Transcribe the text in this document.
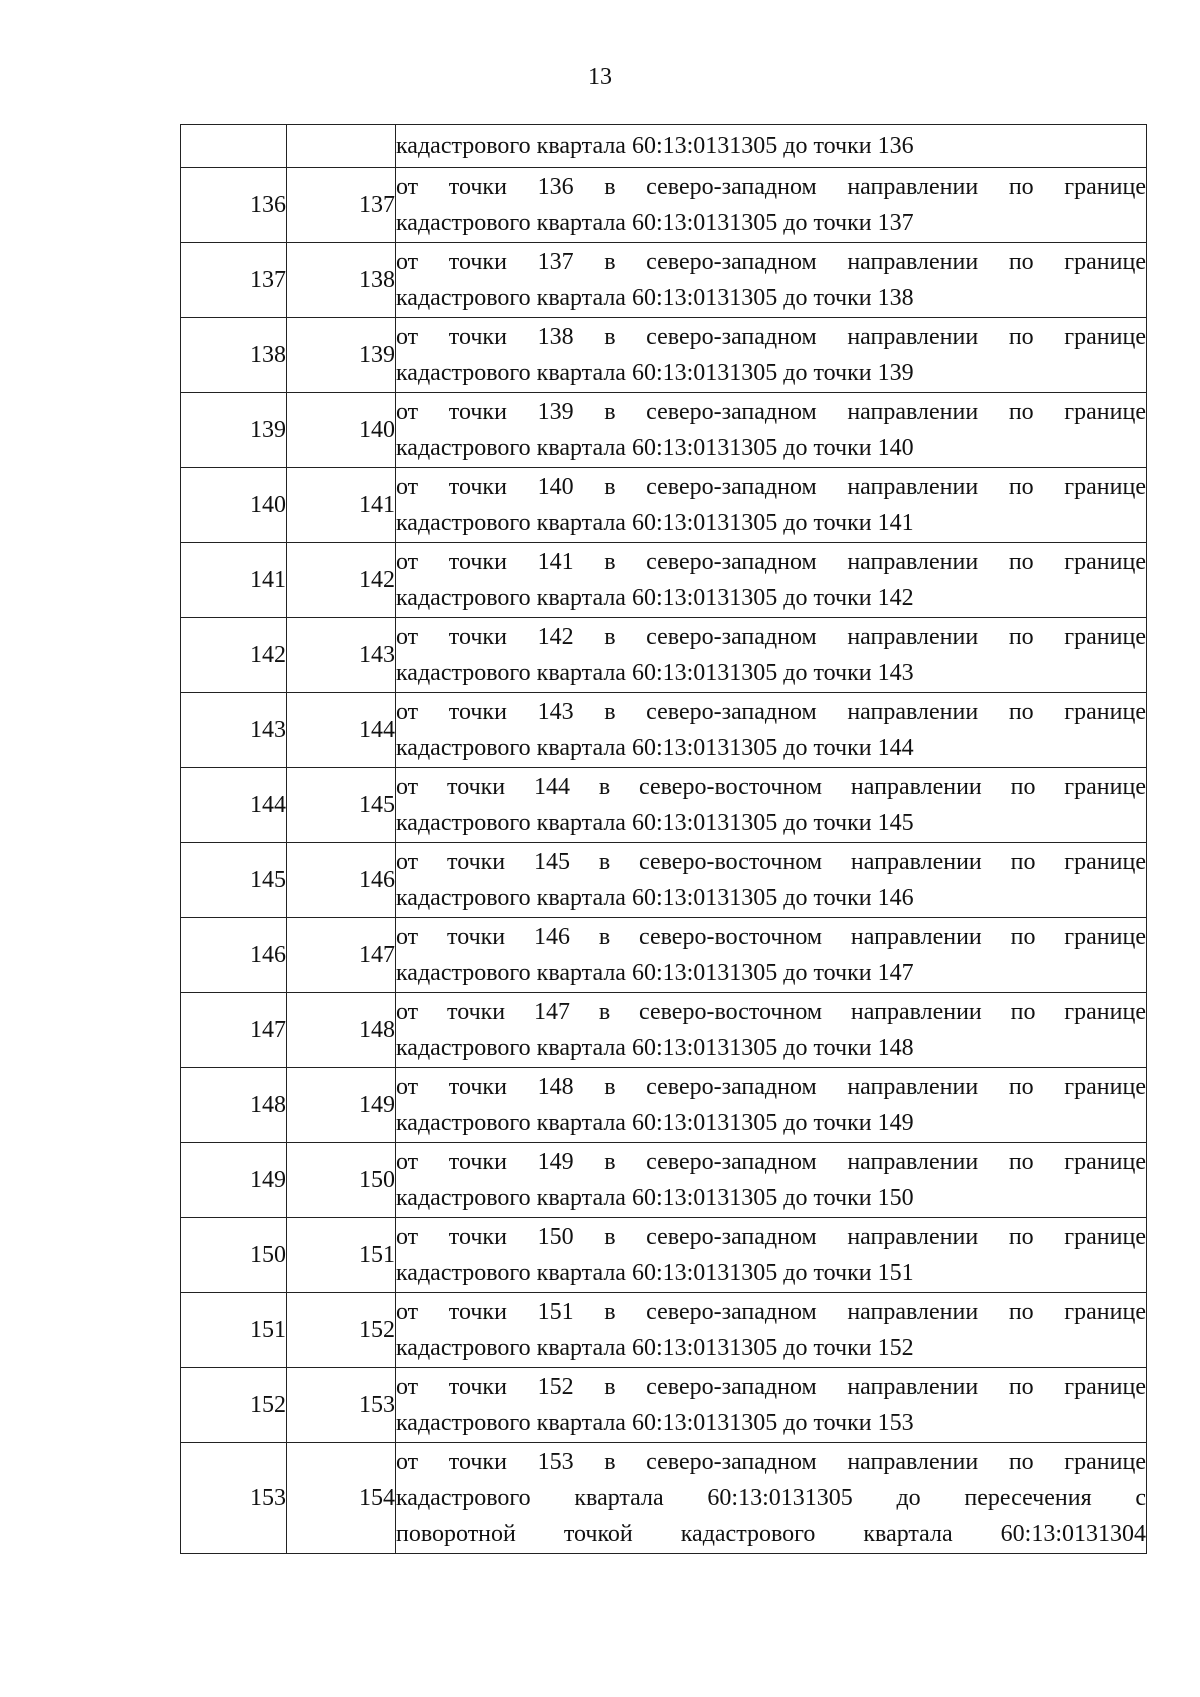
13

		кадастрового квартала 60:13:0131305 до точки 136

136	137	от точки 136 в северо-западном направлении по границе
кадастрового квартала 60:13:0131305 до точки 137

137	138	от точки 137 в северо-западном направлении по границе
кадастрового квартала 60:13:0131305 до точки 138

138	139	от точки 138 в северо-западном направлении по границе
кадастрового квартала 60:13:0131305 до точки 139

139	140	от точки 139 в северо-западном направлении по границе
кадастрового квартала 60:13:0131305 до точки 140

140	141	от точки 140 в северо-западном направлении по границе
кадастрового квартала 60:13:0131305 до точки 141

141	142	от точки 141 в северо-западном направлении по границе
кадастрового квартала 60:13:0131305 до точки 142

142	143	от точки 142 в северо-западном направлении по границе
кадастрового квартала 60:13:0131305 до точки 143

143	144	от точки 143 в северо-западном направлении по границе
кадастрового квартала 60:13:0131305 до точки 144

144	145	от точки 144 в северо-восточном направлении по границе
кадастрового квартала 60:13:0131305 до точки 145

145	146	от точки 145 в северо-восточном направлении по границе
кадастрового квартала 60:13:0131305 до точки 146

146	147	от точки 146 в северо-восточном направлении по границе
кадастрового квартала 60:13:0131305 до точки 147

147	148	от точки 147 в северо-восточном направлении по границе
кадастрового квартала 60:13:0131305 до точки 148

148	149	от точки 148 в северо-западном направлении по границе
кадастрового квартала 60:13:0131305 до точки 149

149	150	от точки 149 в северо-западном направлении по границе
кадастрового квартала 60:13:0131305 до точки 150

150	151	от точки 150 в северо-западном направлении по границе
кадастрового квартала 60:13:0131305 до точки 151

151	152	от точки 151 в северо-западном направлении по границе
кадастрового квартала 60:13:0131305 до точки 152

152	153	от точки 152 в северо-западном направлении по границе
кадастрового квартала 60:13:0131305 до точки 153

153	154	от точки 153 в северо-западном направлении по границе
кадастрового квартала 60:13:0131305 до пересечения с
поворотной точкой кадастрового квартала 60:13:0131304
